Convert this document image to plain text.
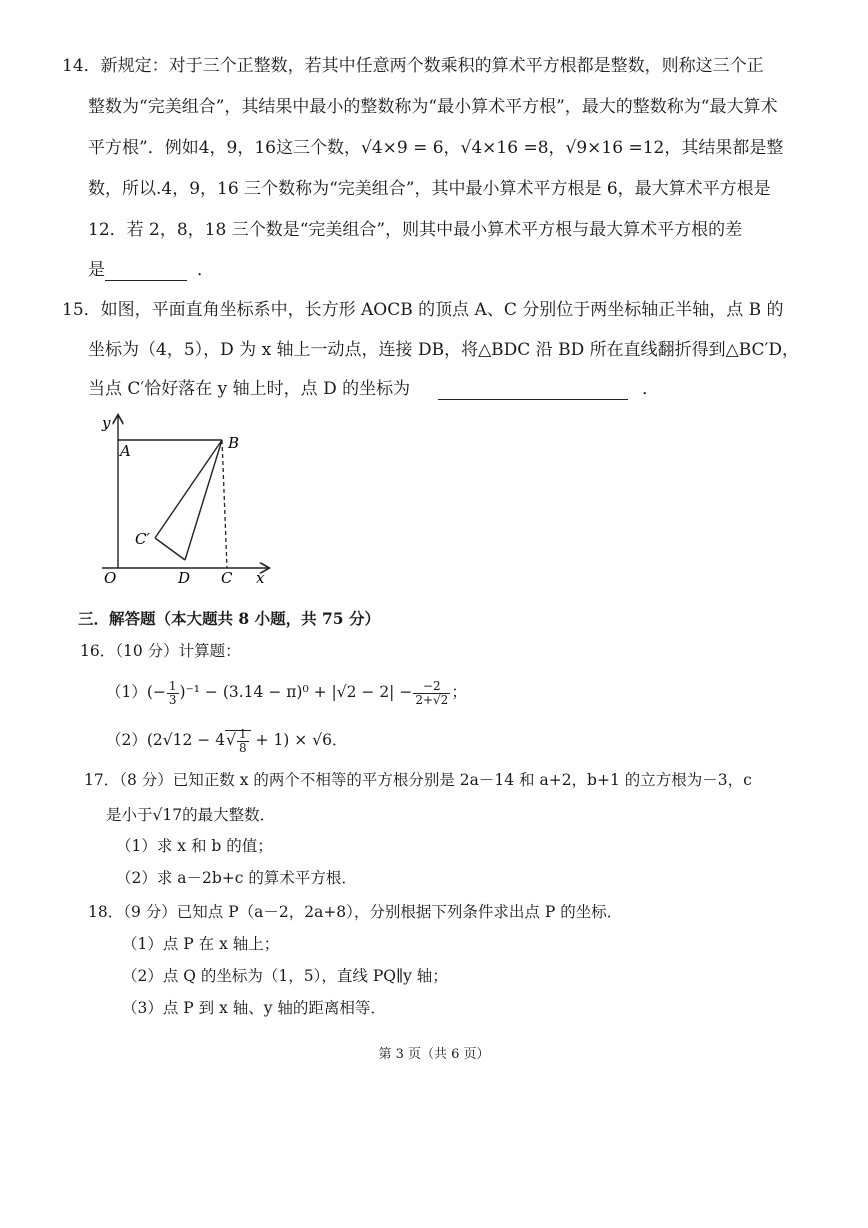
14．新规定：对于三个正整数，若其中任意两个数乘积的算术平方根都是整数，则称这三个正
整数为“完美组合”，其结果中最小的整数称为“最小算术平方根”，最大的整数称为“最大算术
平方根”．例如4，9，16这三个数，√4×9 = 6，√4×16 =8，√9×16 =12，其结果都是整
数，所以.4，9，16 三个数称为“完美组合”，其中最小算术平方根是 6，最大算术平方根是
12．若 2，8，18 三个数是“完美组合”，则其中最小算术平方根与最大算术平方根的差
是	．
15．如图，平面直角坐标系中，长方形 AOCB 的顶点 A、C 分别位于两坐标轴正半轴，点 B 的
坐标为（4，5），D 为 x 轴上一动点，连接 DB，将△BDC 沿 BD 所在直线翻折得到△BC′D，
当点 C′恰好落在 y 轴上时，点 D 的坐标为	．
y
A	B
C′
O	D C x
三．解答题（本大题共 8 小题，共 75 分）
16．（10 分）计算题：
$(1)(- \frac{1}{3} )^{-1} - (3.14 - \pi)^0 + |√2 - 2| - \frac{-2}{2+√2}$ ；
$(2)(2√12 - 4√ \frac{1}{8} + 1) \times √6$．
17．（8 分）已知正数 x 的两个不相等的平方根分别是 2a－14 和 a+2，b+1 的立方根为－3，c
是小于√17的最大整数．
（1）求 x 和 b 的值；
（2）求 a－2b+c 的算术平方根．
18．（9 分）已知点 P（a－2，2a+8），分别根据下列条件求出点 P 的坐标．
（1）点 P 在 x 轴上；
（2）点 Q 的坐标为（1，5），直线 PQ∥y 轴；
（3）点 P 到 x 轴、y 轴的距离相等．
第 3 页（共 6 页）
